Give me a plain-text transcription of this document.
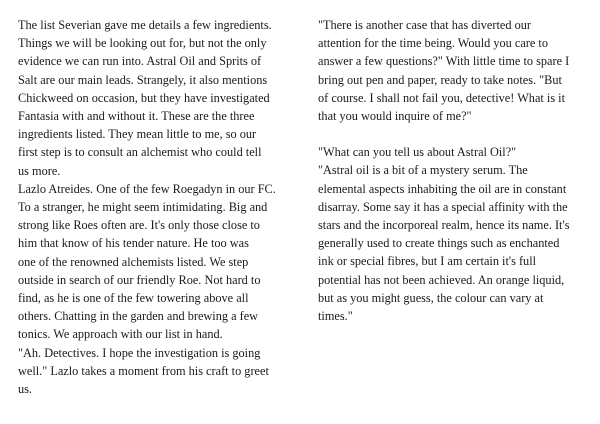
The list Severian gave me details a few ingredients.
Things we will be looking out for, but not the only
evidence we can run into. Astral Oil and Sprits of
Salt are our main leads. Strangely, it also mentions
Chickweed on occasion, but they have investigated
Fantasia with and without it. These are the three
ingredients listed. They mean little to me, so our
first step is to consult an alchemist who could tell
us more.

Lazlo Atreides. One of the few Roegadyn in our FC.
To a stranger, he might seem intimidating. Big and
strong like Roes often are. It's only those close to
him that know of his tender nature. He too was
one of the renowned alchemists listed. We step
outside in search of our friendly Roe. Not hard to
find, as he is one of the few towering above all
others. Chatting in the garden and brewing a few
tonics. We approach with our list in hand.

"Ah. Detectives. I hope the investigation is going
well." Lazlo takes a moment from his craft to greet
us.

"There is another case that has diverted our
attention for the time being. Would you care to
answer a few questions?" With little time to spare I
bring out pen and paper, ready to take notes. "But
of course. I shall not fail you, detective! What is it
that you would inquire of me?"

"What can you tell us about Astral Oil?"

"Astral oil is a bit of a mystery serum. The
elemental aspects inhabiting the oil are in constant
disarray. Some say it has a special affinity with the
stars and the incorporeal realm, hence its name. It's
generally used to create things such as enchanted
ink or special fibres, but I am certain it's full
potential has not been achieved. An orange liquid,
but as you might guess, the colour can vary at
times."
